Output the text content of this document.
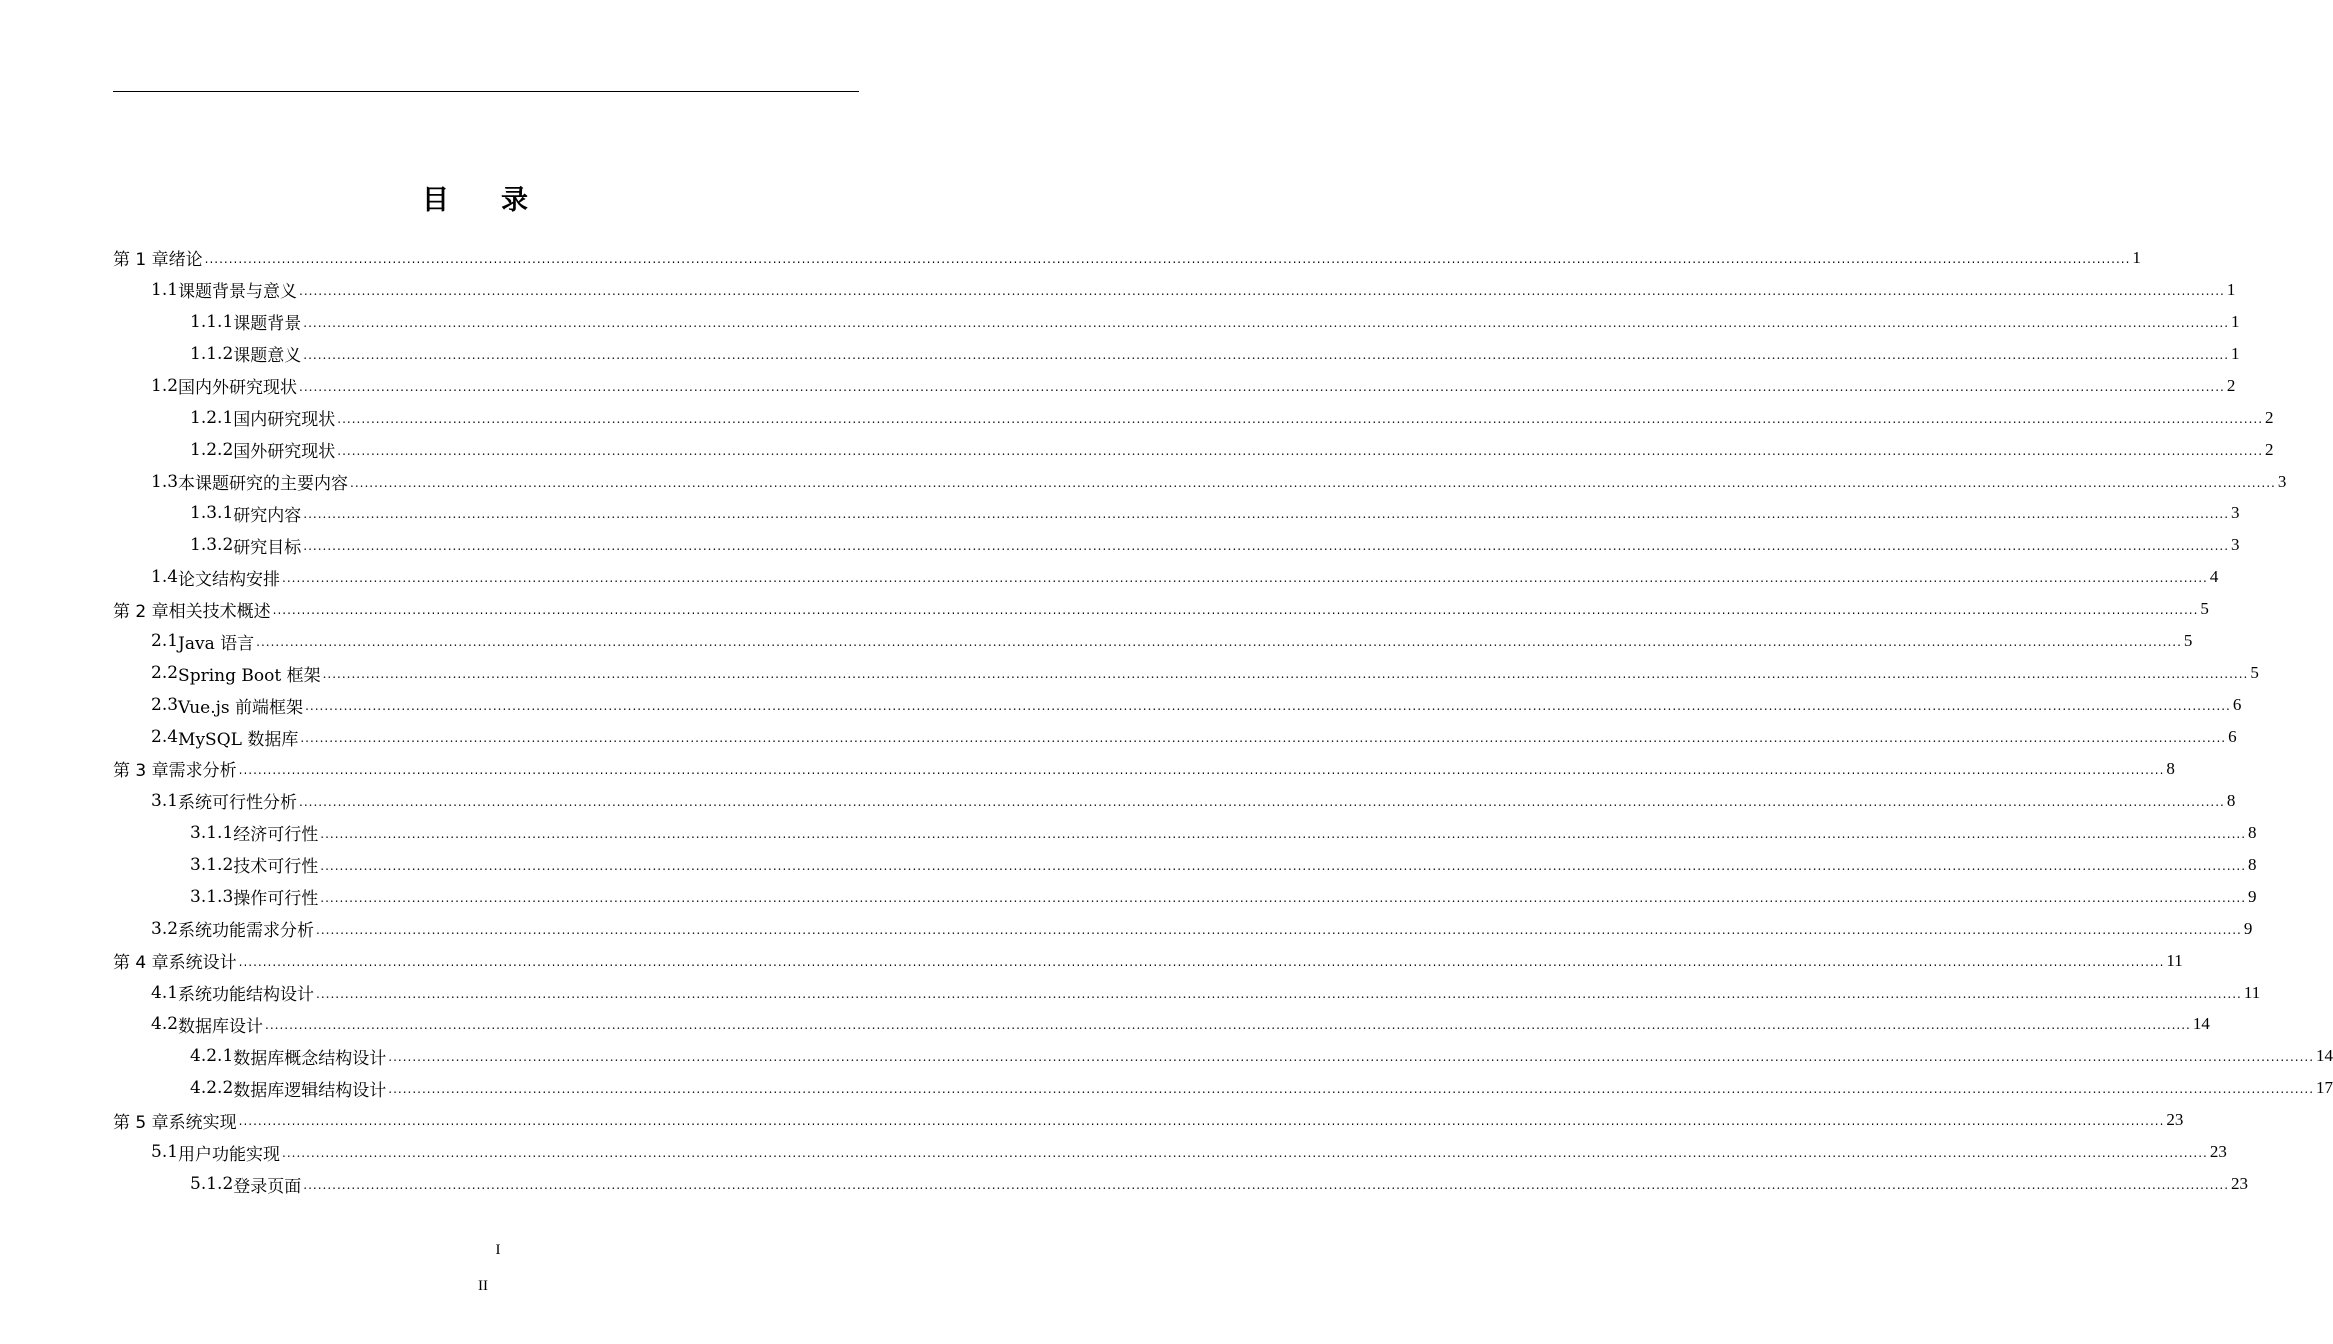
目 录
第 1 章 绪论 ................................................................................................................................................................................................................................................................................................................................................................................................................ 1
1.1 课题背景与意义 ................................................................................................................................................................................................................................................................................................................................................................................................................ 1
1.1.1 课题背景 ................................................................................................................................................................................................................................................................................................................................................................................................................ 1
1.1.2 课题意义 ................................................................................................................................................................................................................................................................................................................................................................................................................ 1
1.2 国内外研究现状 ................................................................................................................................................................................................................................................................................................................................................................................................................ 2
1.2.1 国内研究现状 ................................................................................................................................................................................................................................................................................................................................................................................................................ 2
1.2.2 国外研究现状 ................................................................................................................................................................................................................................................................................................................................................................................................................ 2
1.3 本课题研究的主要内容 ................................................................................................................................................................................................................................................................................................................................................................................................................ 3
1.3.1 研究内容 ................................................................................................................................................................................................................................................................................................................................................................................................................ 3
1.3.2 研究目标 ................................................................................................................................................................................................................................................................................................................................................................................................................ 3
1.4 论文结构安排 ................................................................................................................................................................................................................................................................................................................................................................................................................ 4
第 2 章 相关技术概述 ................................................................................................................................................................................................................................................................................................................................................................................................................ 5
2.1 Java 语言 ................................................................................................................................................................................................................................................................................................................................................................................................................ 5
2.2 Spring Boot 框架 ................................................................................................................................................................................................................................................................................................................................................................................................................ 5
2.3 Vue.js 前端框架 ................................................................................................................................................................................................................................................................................................................................................................................................................ 6
2.4 MySQL 数据库 ................................................................................................................................................................................................................................................................................................................................................................................................................ 6
第 3 章 需求分析 ................................................................................................................................................................................................................................................................................................................................................................................................................ 8
3.1 系统可行性分析 ................................................................................................................................................................................................................................................................................................................................................................................................................ 8
3.1.1 经济可行性 ................................................................................................................................................................................................................................................................................................................................................................................................................ 8
3.1.2 技术可行性 ................................................................................................................................................................................................................................................................................................................................................................................................................ 8
3.1.3 操作可行性 ................................................................................................................................................................................................................................................................................................................................................................................................................ 9
3.2 系统功能需求分析 ................................................................................................................................................................................................................................................................................................................................................................................................................ 9
第 4 章 系统设计 ................................................................................................................................................................................................................................................................................................................................................................................................................ 11
4.1 系统功能结构设计 ................................................................................................................................................................................................................................................................................................................................................................................................................ 11
4.2 数据库设计 ................................................................................................................................................................................................................................................................................................................................................................................................................ 14
4.2.1 数据库概念结构设计 ................................................................................................................................................................................................................................................................................................................................................................................................................ 14
4.2.2 数据库逻辑结构设计 ................................................................................................................................................................................................................................................................................................................................................................................................................ 17
第 5 章 系统实现 ................................................................................................................................................................................................................................................................................................................................................................................................................ 23
5.1 用户功能实现 ................................................................................................................................................................................................................................................................................................................................................................................................................ 23
5.1.2 登录页面 ................................................................................................................................................................................................................................................................................................................................................................................................................ 23
I
II
